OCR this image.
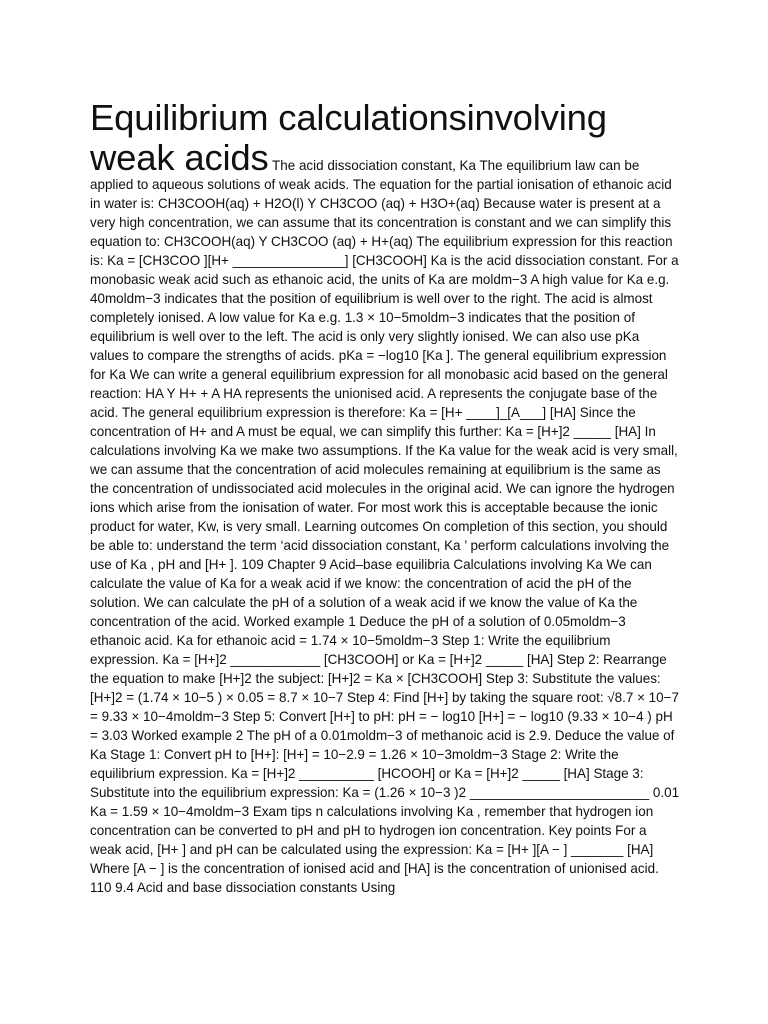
Equilibrium calculationsinvolving

weak acids The acid dissociation constant, Ka The equilibrium law can be applied to aqueous solutions of weak acids. The equation for the partial ionisation of ethanoic acid in water is: CH3COOH(aq) + H2O(l) Y CH3COO (aq) + H3O+(aq) Because water is present at a very high concentration, we can assume that its concentration is constant and we can simplify this equation to: CH3COOH(aq) Y CH3COO (aq) + H+(aq) The equilibrium expression for this reaction is: Ka = [CH3COO ][H+ _______________] [CH3COOH] Ka is the acid dissociation constant. For a monobasic weak acid such as ethanoic acid, the units of Ka are moldm−3 A high value for Ka e.g. 40moldm−3 indicates that the position of equilibrium is well over to the right. The acid is almost completely ionised. A low value for Ka e.g. 1.3 × 10−5moldm−3 indicates that the position of equilibrium is well over to the left. The acid is only very slightly ionised. We can also use pKa values to compare the strengths of acids. pKa = −log10 [Ka ]. The general equilibrium expression for Ka We can write a general equilibrium expression for all monobasic acid based on the general reaction: HA Y H+ + A HA represents the unionised acid. A represents the conjugate base of the acid. The general equilibrium expression is therefore: Ka = [H+ ____]_[A___] [HA] Since the concentration of H+ and A must be equal, we can simplify this further: Ka = [H+]2 _____ [HA] In calculations involving Ka we make two assumptions. If the Ka value for the weak acid is very small, we can assume that the concentration of acid molecules remaining at equilibrium is the same as the concentration of undissociated acid molecules in the original acid. We can ignore the hydrogen ions which arise from the ionisation of water. For most work this is acceptable because the ionic product for water, Kw, is very small. Learning outcomes On completion of this section, you should be able to: understand the term ‘acid dissociation constant, Ka ’ perform calculations involving the use of Ka , pH and [H+ ]. 109 Chapter 9 Acid–base equilibria Calculations involving Ka We can calculate the value of Ka for a weak acid if we know: the concentration of acid the pH of the solution. We can calculate the pH of a solution of a weak acid if we know the value of Ka the concentration of the acid. Worked example 1 Deduce the pH of a solution of 0.05moldm−3 ethanoic acid. Ka for ethanoic acid = 1.74 × 10−5moldm−3 Step 1: Write the equilibrium expression. Ka = [H+]2 ____________ [CH3COOH] or Ka = [H+]2 _____ [HA] Step 2: Rearrange the equation to make [H+]2 the subject: [H+]2 = Ka × [CH3COOH] Step 3: Substitute the values: [H+]2 = (1.74 × 10−5 ) × 0.05 = 8.7 × 10−7 Step 4: Find [H+] by taking the square root: √8.7 × 10−7 = 9.33 × 10−4moldm−3 Step 5: Convert [H+] to pH: pH = − log10 [H+] = − log10 (9.33 × 10−4 ) pH = 3.03 Worked example 2 The pH of a 0.01moldm−3 of methanoic acid is 2.9. Deduce the value of Ka Stage 1: Convert pH to [H+]: [H+] = 10−2.9 = 1.26 × 10−3moldm−3 Stage 2: Write the equilibrium expression. Ka = [H+]2 __________ [HCOOH] or Ka = [H+]2 _____ [HA] Stage 3: Substitute into the equilibrium expression: Ka = (1.26 × 10−3 )2 ________________________ 0.01 Ka = 1.59 × 10−4moldm−3 Exam tips n calculations involving Ka , remember that hydrogen ion concentration can be converted to pH and pH to hydrogen ion concentration. Key points For a weak acid, [H+ ] and pH can be calculated using the expression: Ka = [H+ ][A − ] _______ [HA] Where [A − ] is the concentration of ionised acid and [HA] is the concentration of unionised acid. 110 9.4 Acid and base dissociation constants Using
